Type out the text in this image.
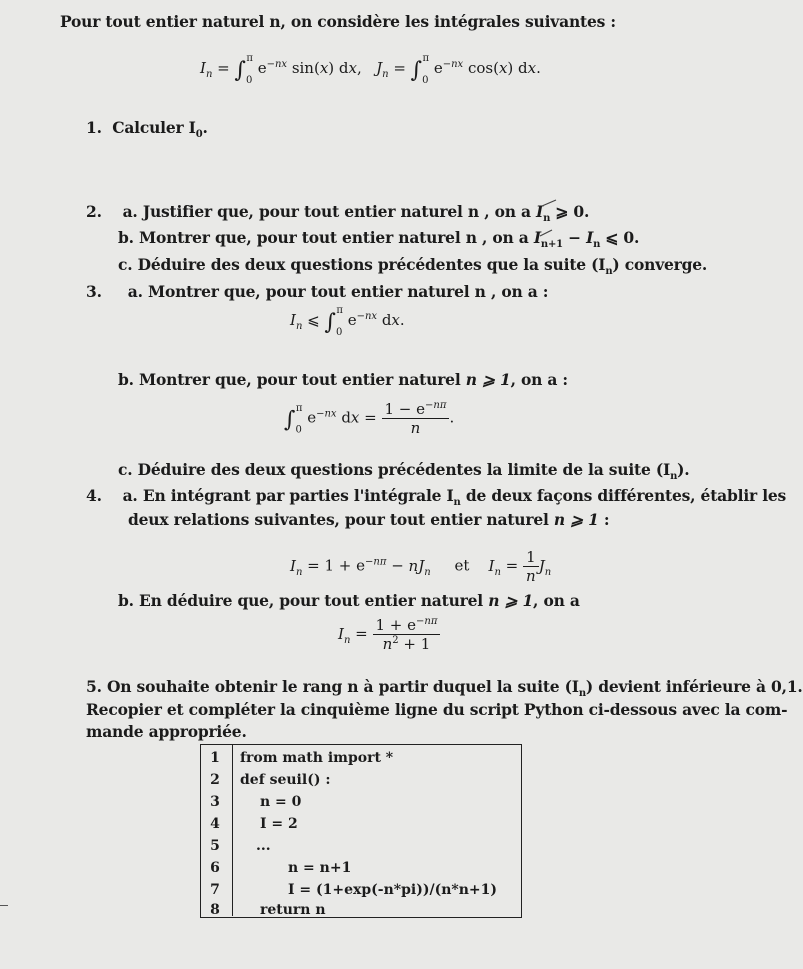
Pour tout entier naturel n, on considère les intégrales suivantes :
$I_n = \int_0^\pi$ $e^{-nx}$ sin(x) dx,   $J_n = \int_0^\pi$ $e^{-nx}$ cos(x) dx.
1. Calculer $I_0$.
2. a. Justifier que, pour tout entier naturel n , on a $I_n$ ⩾ 0.
b. Montrer que, pour tout entier naturel n , on a $I_{n+1} - I_n$ ⩽ 0.
c. Déduire des deux questions précédentes que la suite $(I_n)$ converge.
3. a. Montrer que, pour tout entier naturel n , on a :
$I_n$ ⩽ $\int_0^\pi$ $e^{-nx}$ dx.
b. Montrer que, pour tout entier naturel n ⩾ 1, on a :
$\int_0^\pi$ $e^{-nx}$ dx = $\frac{1 - e^{-n\pi}}{n}$ .
c. Déduire des deux questions précédentes la limite de la suite $(I_n)$.
4. a. En intégrant par parties l'intégrale $I_n$ de deux façons différentes, établir les
deux relations suivantes, pour tout entier naturel n ⩾ 1 :
$I_n = 1 + e^{-n\pi} - nJ_n$ et $I_n = \frac{1}{n} J_n$
b. En déduire que, pour tout entier naturel n ⩾ 1, on a
$I_n = \frac{1 + e^{-n\pi}}{n^2 + 1}$
5. On souhaite obtenir le rang n à partir duquel la suite $(I_n)$ devient inférieure à 0,1.
Recopier et compléter la cinquième ligne du script Python ci-dessous avec la com-
mande appropriée.
1 from math import *
2 def seuil() :
3	n = 0
4	I = 2
5	...
6	n = n+1
7	I = (1+exp(-n*pi))/(n*n+1)
8	return n
